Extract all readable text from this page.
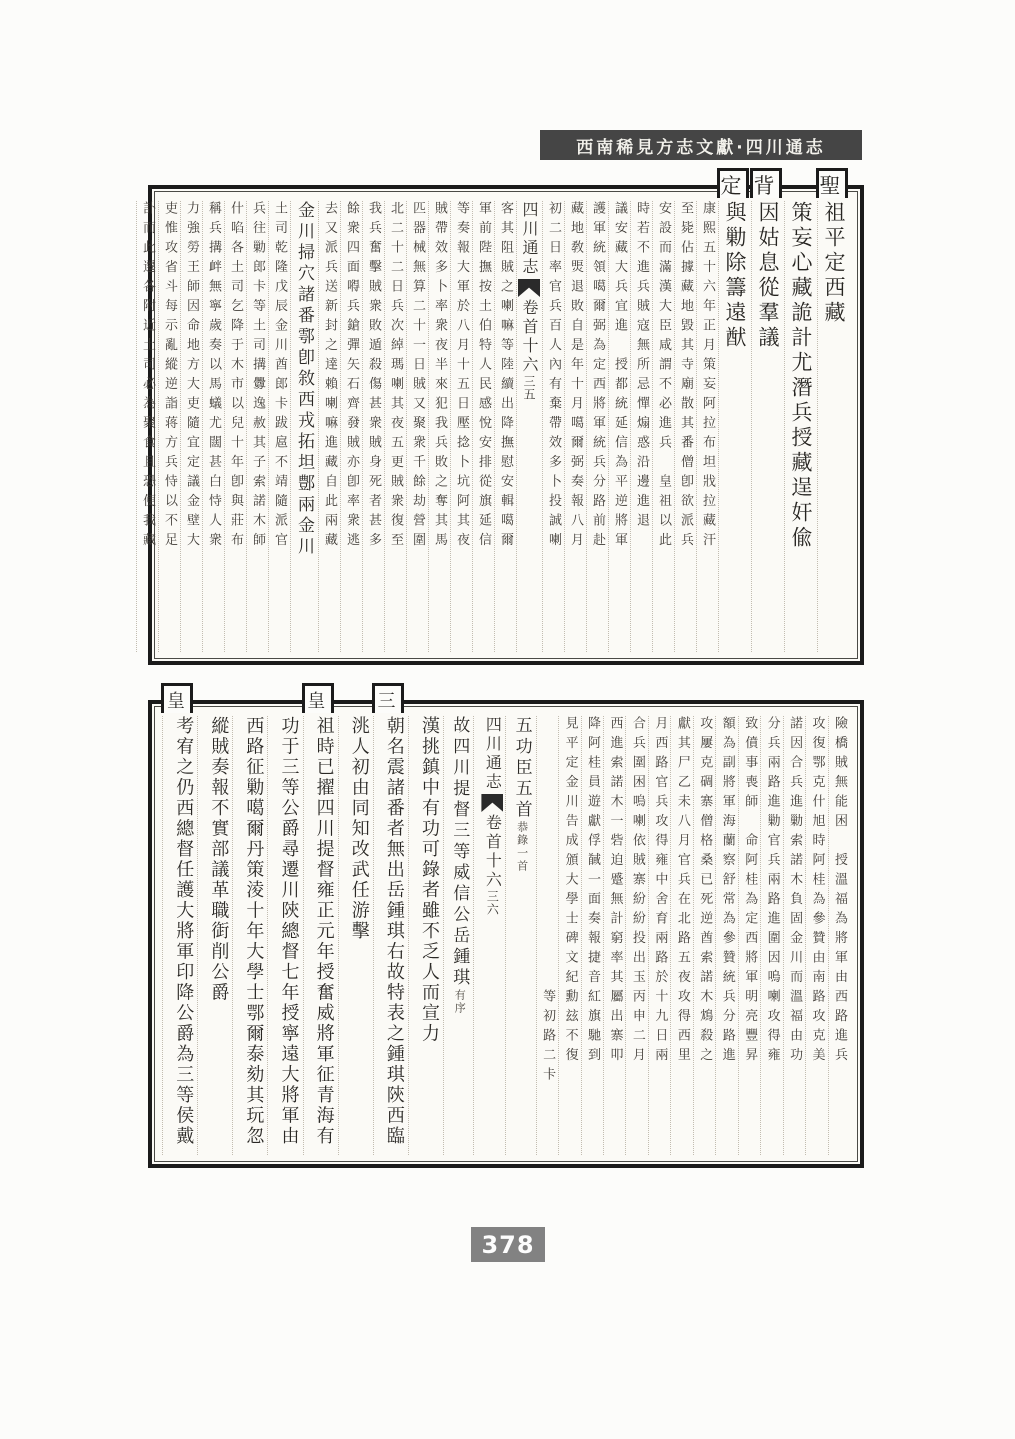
西南稀見方志文獻·四川通志
聖
祖平定西藏
策妄心藏詭計尤潛兵授藏逞奸偸
背
因姑息從羣議
定
與勦除籌遠猷
康熙五十六年正月策妄阿拉布坦戕拉藏汗
至毙佔據藏地毀其寺廟散其番僧卽欲派兵
安設而滿漢大臣咸謂不必進兵　皇祖以此
時若不進兵賊寇無所忌憚煽惑沿邊進退　
議安藏大兵宜進　授都統延信為平逆將軍
護軍統領噶爾弼為定西將軍統兵分路前赴
藏地敎煚退敗自是年十月噶爾弼奏報八月
初二日率官兵百人內有棄帶效多卜投誠喇
四川通志卷首十六三五
客其阻賊之喇嘛等陸續出降撫慰安輯噶爾
軍前陛撫按土伯特人民感悅安排從旗延信
等奏報大軍於八月十五日壓捻卜坑阿其夜
賊帶效多卜率衆夜半來犯我兵敗之奪其馬
匹器械無算二十一日賊又聚衆千餘劫營圍
北二十二日兵次綽瑪喇其夜五更賊衆復至
我兵奮擊賊衆敗遁殺傷甚衆賊身死者甚多
餘衆四面嘚兵鎗彈矢石齊發賊亦卽率衆逃
去又派兵送新封之達賴喇嘛進藏自此兩藏
金川掃穴諸番鄠卽敘西戎拓坦鄷兩金川
土司乾隆戊辰金川酋郎卡跋扈不靖隨派官
兵往勦郎卡等土司搆釁逸赦其子索諾木師
什啗各土司乞降于木市以兒十年卽與莊布
稱兵搆衅無寧歲奏以馬蟻尤闊甚白恃人衆
力強勞王師因命地方大吏隨宜定議金壁大
吏惟攻省斗每示亂縱逆詣蒋方兵恃以不足
訃而此遷各附近土司必為聚食且恐便我藏
險橋賊無能困　授溫福為將軍由西路進兵
攻復鄂克什旭時阿桂為參贊由南路攻克美
諾因合兵進勦索諾木負固金川而溫福由功
分兵兩路進勦官兵兩路進圍因嗚喇攻得雍
致僨事喪師　命阿桂為定西將軍明亮豐昇
額為副將軍海蘭察舒常為參贊統兵分路進
攻屢克碉寨僧格桑已死逆酋索諾木鴆殺之
獻其尸乙未八月官兵在北路五夜攻得西里
月西路官兵攻得雍中舍育兩路於十九日兩
合兵圍困嗚喇依賊寨紛紛投出玉丙申二月
西進索諾木一砦迫蹙無計窮率其屬出寨叩
降阿桂員遊獻俘馘一面奏報捷音紅旗馳到
見平定金川告成頒大學士碑文紀勳玆不復
　　　　　　　　　　　　　　等初路二卡
五功臣五首恭錄一首
四川通志卷首十六三六
故四川提督三等威信公岳鍾琪有序
漢挑鎮中有功可錄者雖不乏人而宣力
三
朝名震諸番者無出岳鍾琪右故特表之鍾琪陝西臨
洮人初由同知改武任游擊
皇
祖時已擢四川提督雍正元年授奮威將軍征青海有
功于三等公爵尋遷川陝總督七年授寧遠大將軍由
西路征勦噶爾丹策淩十年大學士鄂爾泰劾其玩忽
縱賊奏報不實部議革職衘削公爵
皇
考宥之仍西總督任護大將軍印降公爵為三等侯戴
378
